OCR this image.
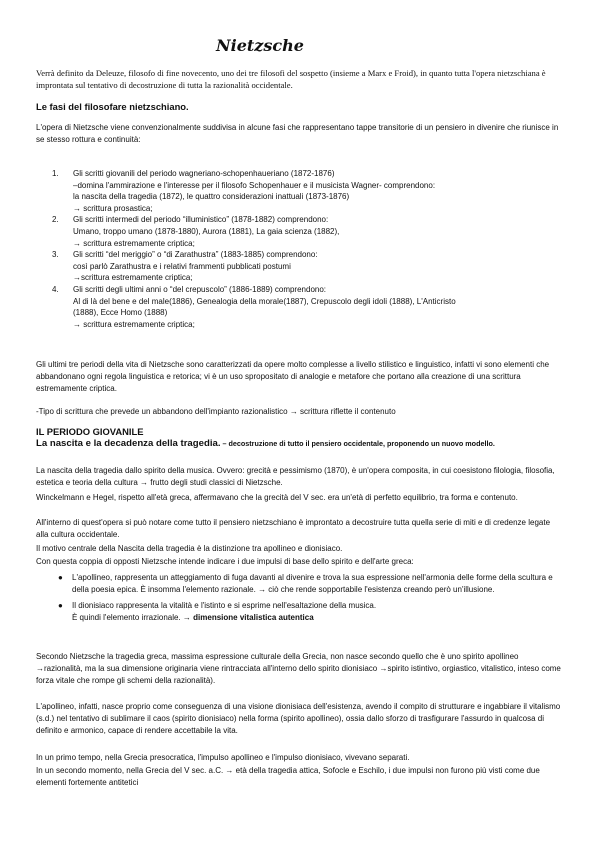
Nietzsche

Verrà definito da Deleuze, filosofo di fine novecento, uno dei tre filosofi del sospetto (insieme a Marx e Froid), in quanto tutta l'opera nietzschiana è improntata sul tentativo di decostruzione di tutta la razionalità occidentale.

Le fasi del filosofare nietzschiano.

L'opera di Nietzsche viene convenzionalmente suddivisa in alcune fasi che rappresentano tappe transitorie di un pensiero in divenire che riunisce in se stesso rottura e continuità:

1. Gli scritti giovanili del periodo wagneriano-schopenhaueriano (1872-1876)
–domina l'ammirazione e l'interesse per il filosofo Schopenhauer e il musicista Wagner- comprendono:
la nascita della tragedia (1872), le quattro considerazioni inattuali (1873-1876)
→ scrittura prosastica;
2. Gli scritti intermedi del periodo “illuministico” (1878-1882) comprendono:
Umano, troppo umano (1878-1880), Aurora (1881), La gaia scienza (1882),
→ scrittura estremamente criptica;
3. Gli scritti “del meriggio” o “di Zarathustra” (1883-1885) comprendono:
così parlò Zarathustra e i relativi frammenti pubblicati postumi
→scrittura estremamente criptica;
4. Gli scritti degli ultimi anni o “del crepuscolo” (1886-1889) comprendono:
Al di là del bene e del male(1886), Genealogia della morale(1887), Crepuscolo degli idoli (1888), L'Anticristo
(1888), Ecce Homo (1888)
→ scrittura estremamente criptica;

Gli ultimi tre periodi della vita di Nietzsche sono caratterizzati da opere molto complesse a livello stilistico e linguistico, infatti vi sono elementi che abbandonano ogni regola linguistica e retorica; vi è un uso spropositato di analogie e metafore che portano alla creazione di una scrittura estremamente criptica.

-Tipo di scrittura che prevede un abbandono dell'impianto razionalistico → scrittura riflette il contenuto

IL PERIODO GIOVANILE

La nascita e la decadenza della tragedia. – decostruzione di tutto il pensiero occidentale, proponendo un nuovo modello.

La nascita della tragedia dallo spirito della musica. Ovvero: grecità e pessimismo (1870), è un'opera composita, in cui coesistono filologia, filosofia, estetica e teoria della cultura → frutto degli studi classici di Nietzsche.

Winckelmann e Hegel, rispetto all'età greca, affermavano che la grecità del V sec. era un'età di perfetto equilibrio, tra forma e contenuto.

All'interno di quest'opera si può notare come tutto il pensiero nietzschiano è improntato a decostruire tutta quella serie di miti e di credenze legate alla cultura occidentale.

Il motivo centrale della Nascita della tragedia è la distinzione tra apollineo e dionisiaco.

Con questa coppia di opposti Nietzsche intende indicare i due impulsi di base dello spirito e dell'arte greca:

● L'apollineo, rappresenta un atteggiamento di fuga davanti al divenire e trova la sua espressione nell'armonia delle forme della scultura e della poesia epica. È insomma l'elemento razionale. → ciò che rende sopportabile l'esistenza creando però un'illusione.
● Il dionisiaco rappresenta la vitalità e l'istinto e si esprime nell'esaltazione della musica.
È quindi l'elemento irrazionale. → dimensione vitalistica autentica

Secondo Nietzsche la tragedia greca, massima espressione culturale della Grecia, non nasce secondo quello che è uno spirito apollineo →razionalità, ma la sua dimensione originaria viene rintracciata all'interno dello spirito dionisiaco →spirito istintivo, orgiastico, vitalistico, inteso come forza vitale che rompe gli schemi della razionalità).

L'apollineo, infatti, nasce proprio come conseguenza di una visione dionisiaca dell'esistenza, avendo il compito di strutturare e ingabbiare il vitalismo (s.d.) nel tentativo di sublimare il caos (spirito dionisiaco) nella forma (spirito apollineo), ossia dallo sforzo di trasfigurare l'assurdo in qualcosa di definito e armonico, capace di rendere accettabile la vita.

In un primo tempo, nella Grecia presocratica, l'impulso apollineo e l'impulso dionisiaco, vivevano separati.

In un secondo momento, nella Grecia del V sec. a.C. → età della tragedia attica, Sofocle e Eschilo, i due impulsi non furono più visti come due elementi fortemente antitetici
